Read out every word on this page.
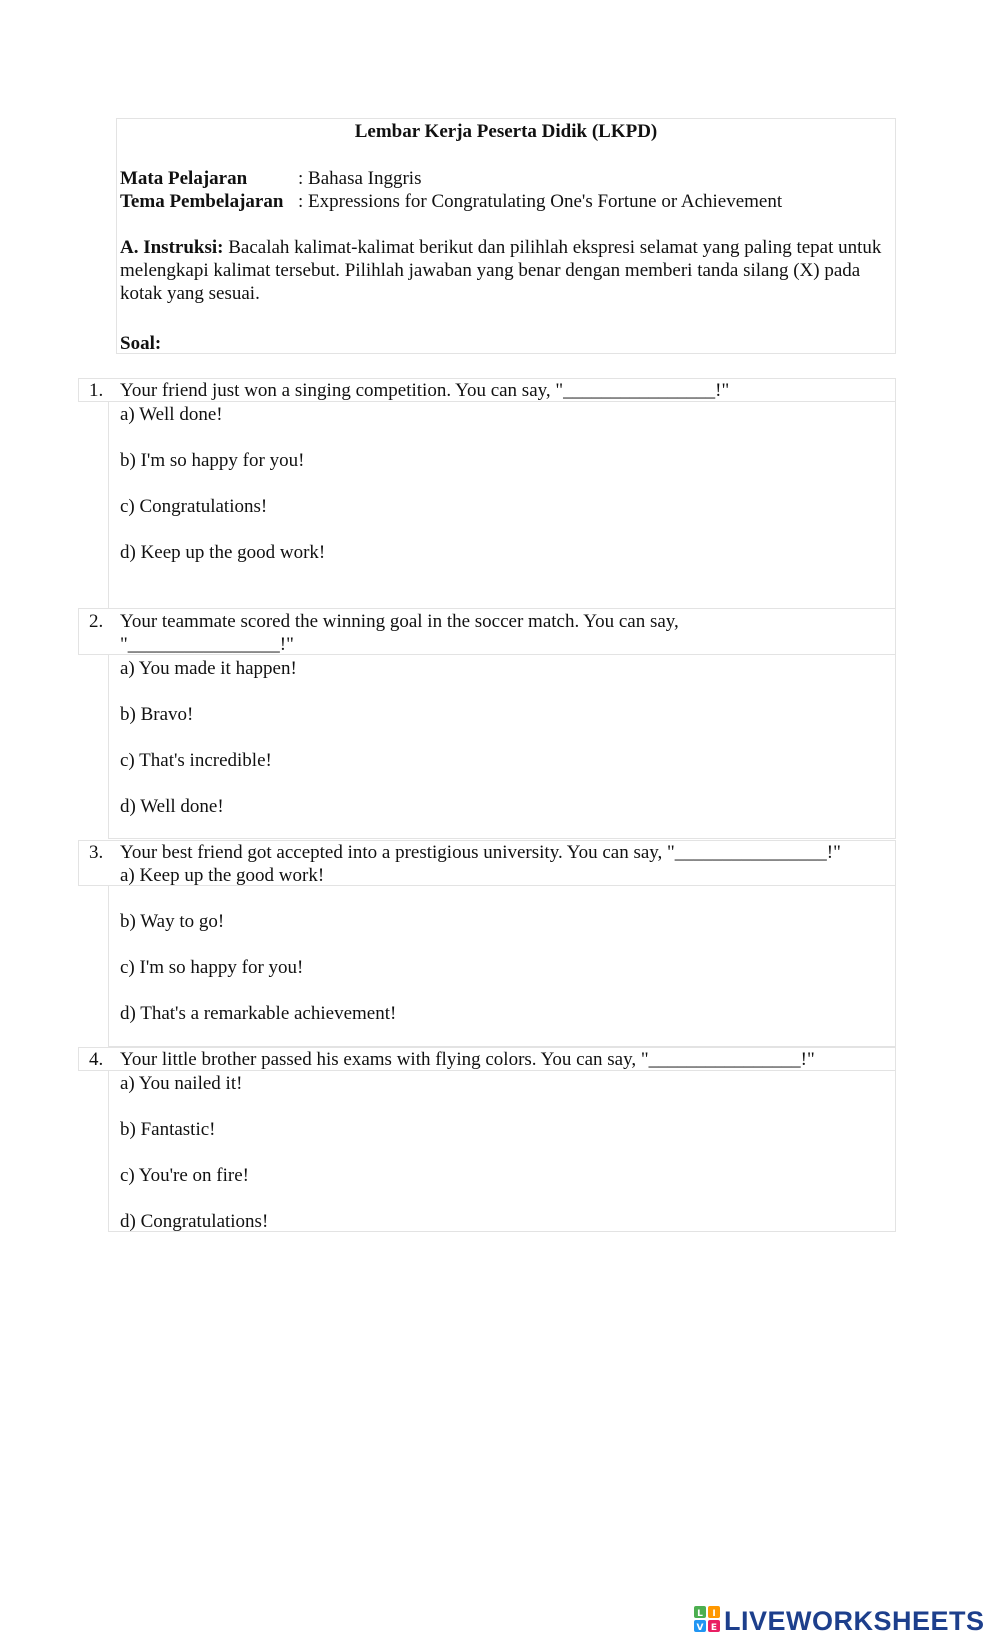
Lembar Kerja Peserta Didik (LKPD)
Mata Pelajaran	: Bahasa Inggris
Tema Pembelajaran : Expressions for Congratulating One's Fortune or Achievement
A. Instruksi: Bacalah kalimat-kalimat berikut dan pilihlah ekspresi selamat yang paling tepat untuk melengkapi kalimat tersebut. Pilihlah jawaban yang benar dengan memberi tanda silang (X) pada kotak yang sesuai.
Soal:
1. Your friend just won a singing competition. You can say, "________________!"
a) Well done!
b) I'm so happy for you!
c) Congratulations!
d) Keep up the good work!
2. Your teammate scored the winning goal in the soccer match. You can say,
"________________!"
a) You made it happen!
b) Bravo!
c) That's incredible!
d) Well done!
3. Your best friend got accepted into a prestigious university. You can say, "________________!"
a) Keep up the good work!
b) Way to go!
c) I'm so happy for you!
d) That's a remarkable achievement!
4. Your little brother passed his exams with flying colors. You can say, "________________!"
a) You nailed it!
b) Fantastic!
c) You're on fire!
d) Congratulations!
L I
V E LIVEWORKSHEETS
